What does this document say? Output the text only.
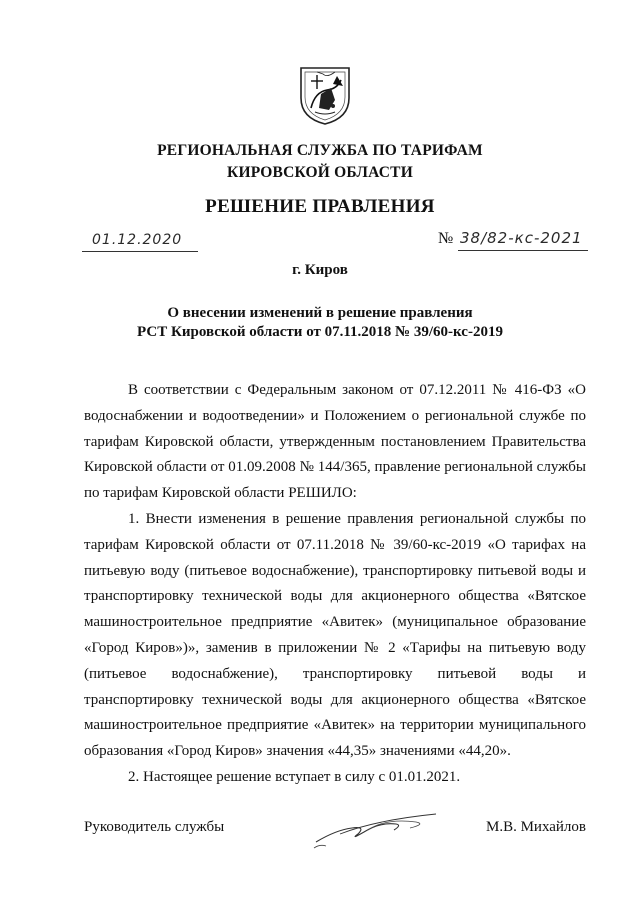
РЕГИОНАЛЬНАЯ СЛУЖБА ПО ТАРИФАМ
КИРОВСКОЙ ОБЛАСТИ
РЕШЕНИЕ ПРАВЛЕНИЯ
01.12.2020	№ 38/82-кс-2021
г. Киров
О внесении изменений в решение правления
РСТ Кировской области от 07.11.2018 № 39/60-кс-2019

В соответствии с Федеральным законом от 07.12.2011 № 416-ФЗ «О водоснабжении и водоотведении» и Положением о региональной службе по тарифам Кировской области, утвержденным постановлением Правительства Кировской области от 01.09.2008 № 144/365, правление региональной службы по тарифам Кировской области РЕШИЛО:

1. Внести изменения в решение правления региональной службы по тарифам Кировской области от 07.11.2018 № 39/60-кс-2019 «О тарифах на питьевую воду (питьевое водоснабжение), транспортировку питьевой воды и транспортировку технической воды для акционерного общества «Вятское машиностроительное предприятие «Авитек» (муниципальное образование «Город Киров»)», заменив в приложении № 2 «Тарифы на питьевую воду (питьевое водоснабжение), транспортировку питьевой воды и транспортировку технической воды для акционерного общества «Вятское машиностроительное предприятие «Авитек» на территории муниципального образования «Город Киров» значения «44,35» значениями «44,20».

2. Настоящее решение вступает в силу с 01.01.2021.

Руководитель службы	М.В. Михайлов
